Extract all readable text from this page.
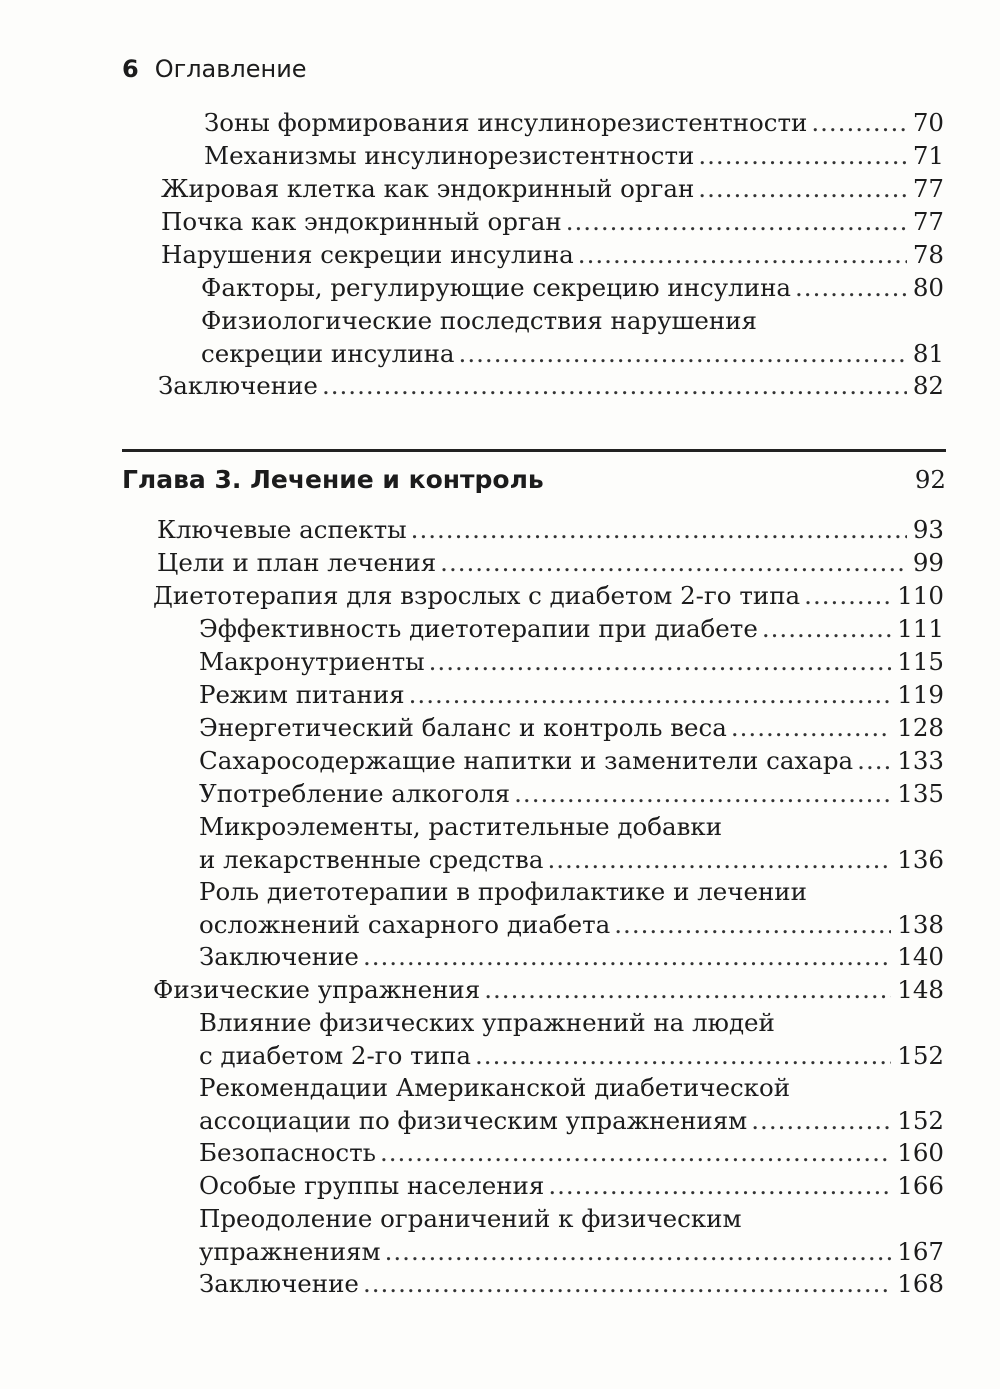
6 Оглавление
Зоны формирования инсулинорезистентности .....	70
Механизмы инсулинорезистентности .....	71
Жировая клетка как эндокринный орган .....	77
Почка как эндокринный орган .....	77
Нарушения секреции инсулина .....	78
Факторы, регулирующие секрецию инсулина .....	80
Физиологические последствия нарушения
секреции инсулина .....	81
Заключение .....	82
Глава 3. Лечение и контроль	92
Ключевые аспекты .....	93
Цели и план лечения .....	99
Диетотерапия для взрослых с диабетом 2-го типа .....	110
Эффективность диетотерапии при диабете .....	111
Макронутриенты .....	115
Режим питания .....	119
Энергетический баланс и контроль веса .....	128
Сахаросодержащие напитки и заменители сахара ..... 133
Употребление алкоголя .....	135
Микроэлементы, растительные добавки
и лекарственные средства .....	136
Роль диетотерапии в профилактике и лечении
осложнений сахарного диабета .....	138
Заключение .....	140
Физические упражнения .....	148
Влияние физических упражнений на людей
с диабетом 2-го типа .....	152
Рекомендации Американской диабетической
ассоциации по физическим упражнениям .....	152
Безопасность .....	160
Особые группы населения .....	166
Преодоление ограничений к физическим
упражнениям .....	167
Заключение .....	168
